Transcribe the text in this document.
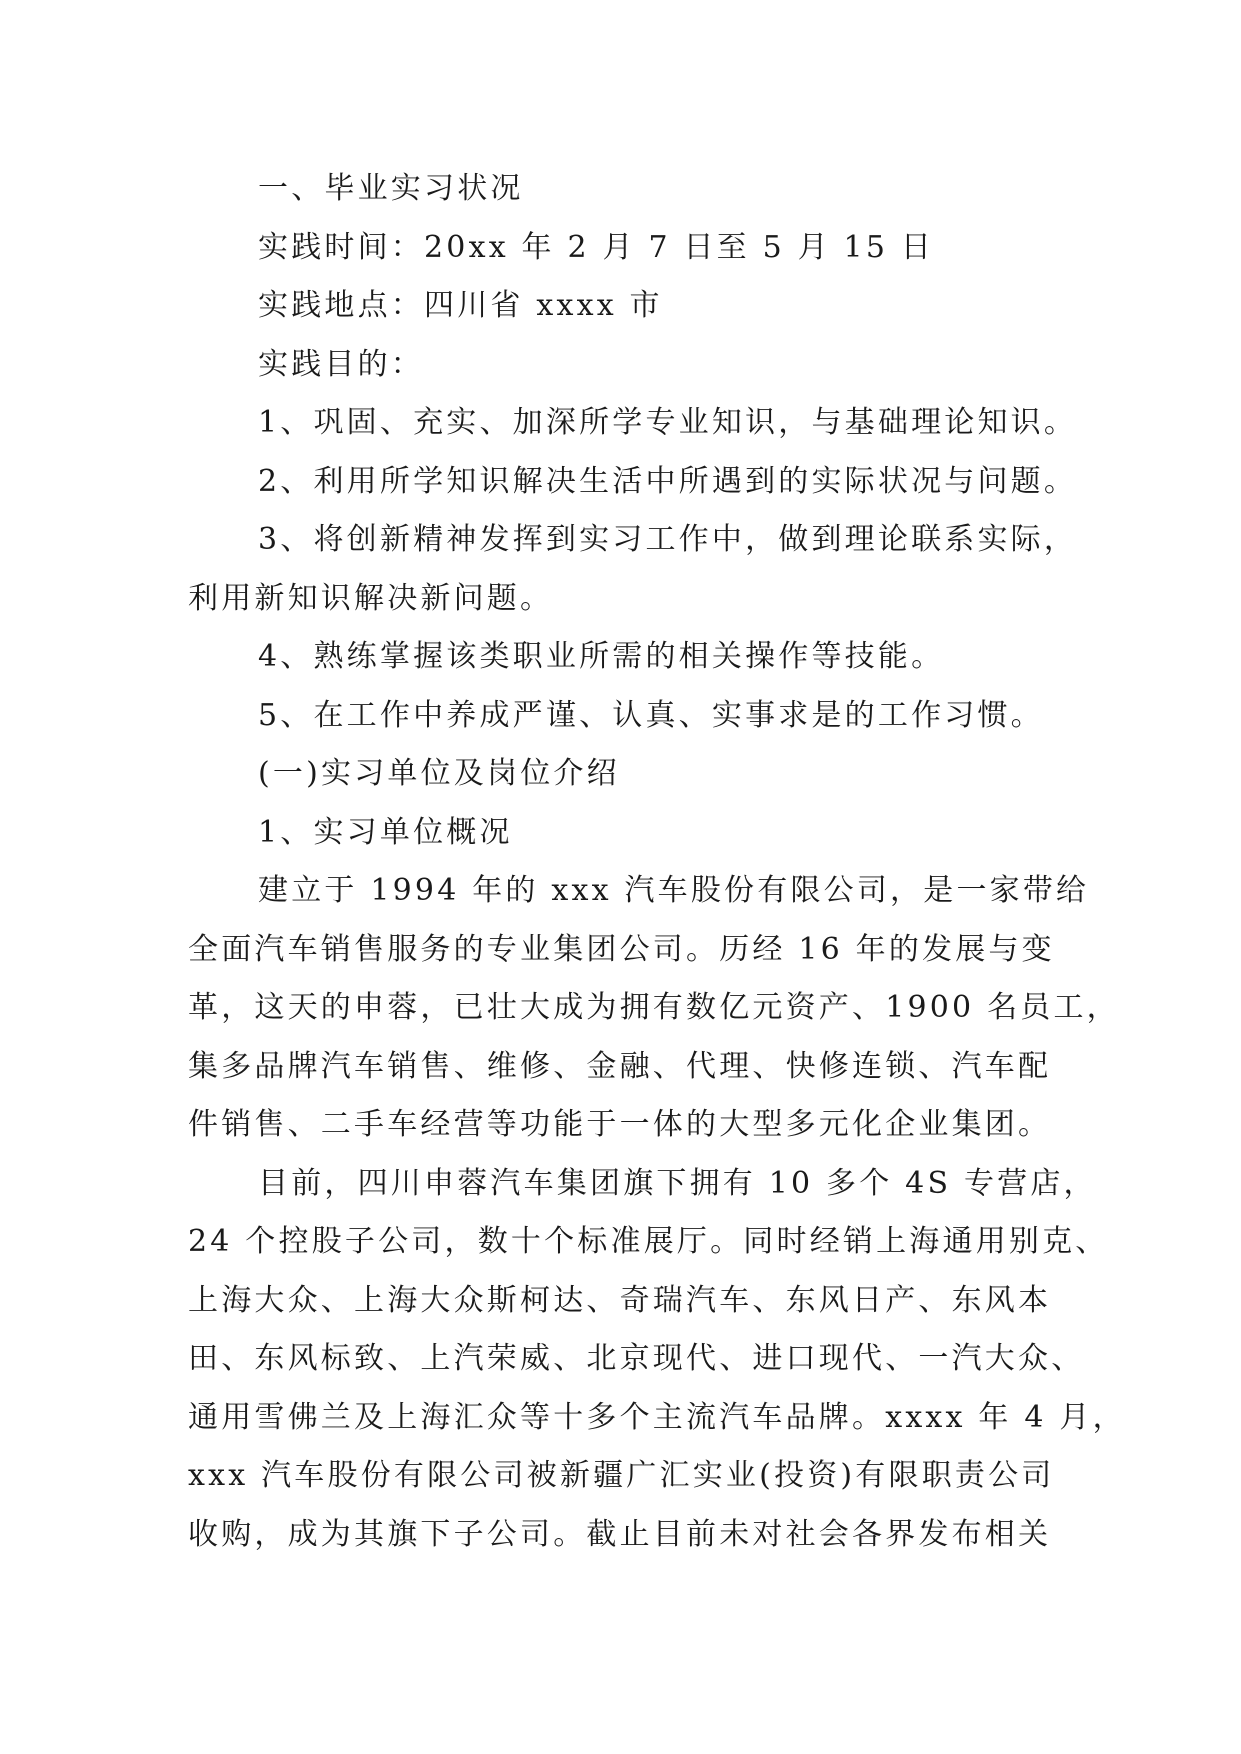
一、毕业实习状况
实践时间：20xx 年 2 月 7 日至 5 月 15 日
实践地点：四川省 xxxx 市
实践目的：
1、巩固、充实、加深所学专业知识，与基础理论知识。
2、利用所学知识解决生活中所遇到的实际状况与问题。
3、将创新精神发挥到实习工作中，做到理论联系实际，
利用新知识解决新问题。
4、熟练掌握该类职业所需的相关操作等技能。
5、在工作中养成严谨、认真、实事求是的工作习惯。
(一)实习单位及岗位介绍
1、实习单位概况
建立于 1994 年的 xxx 汽车股份有限公司，是一家带给
全面汽车销售服务的专业集团公司。历经 16 年的发展与变
革，这天的申蓉，已壮大成为拥有数亿元资产、1900 名员工，
集多品牌汽车销售、维修、金融、代理、快修连锁、汽车配
件销售、二手车经营等功能于一体的大型多元化企业集团。
目前，四川申蓉汽车集团旗下拥有 10 多个 4S 专营店，
24 个控股子公司，数十个标准展厅。同时经销上海通用别克、
上海大众、上海大众斯柯达、奇瑞汽车、东风日产、东风本
田、东风标致、上汽荣威、北京现代、进口现代、一汽大众、
通用雪佛兰及上海汇众等十多个主流汽车品牌。xxxx 年 4 月，
xxx 汽车股份有限公司被新疆广汇实业(投资)有限职责公司
收购，成为其旗下子公司。截止目前未对社会各界发布相关
